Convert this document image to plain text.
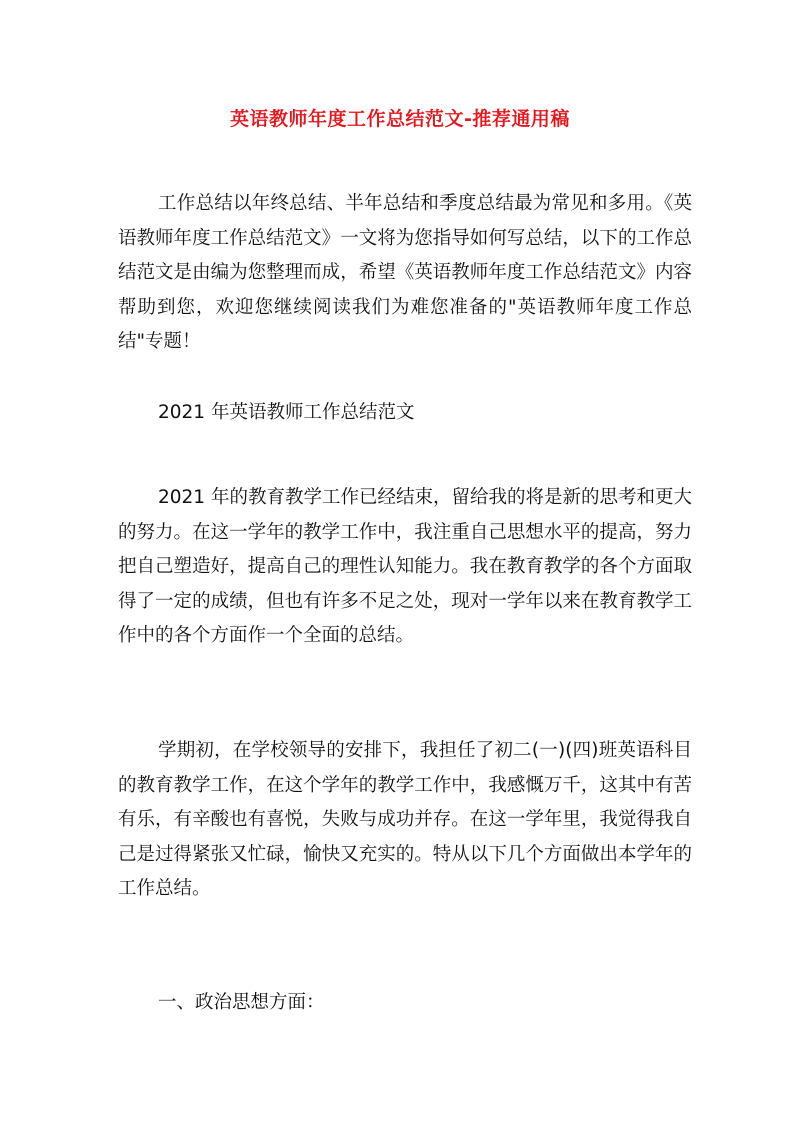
英语教师年度工作总结范文-推荐通用稿

工作总结以年终总结、半年总结和季度总结最为常见和多用。《英语教师年度工作总结范文》一文将为您指导如何写总结，以下的工作总结范文是由编为您整理而成，希望《英语教师年度工作总结范文》内容帮助到您，欢迎您继续阅读我们为难您准备的"英语教师年度工作总结"专题！

2021 年英语教师工作总结范文

2021 年的教育教学工作已经结束，留给我的将是新的思考和更大的努力。在这一学年的教学工作中，我注重自己思想水平的提高，努力把自己塑造好，提高自己的理性认知能力。我在教育教学的各个方面取得了一定的成绩，但也有许多不足之处，现对一学年以来在教育教学工作中的各个方面作一个全面的总结。

学期初，在学校领导的安排下，我担任了初二(一)(四)班英语科目的教育教学工作，在这个学年的教学工作中，我感慨万千，这其中有苦有乐，有辛酸也有喜悦，失败与成功并存。在这一学年里，我觉得我自己是过得紧张又忙碌，愉快又充实的。特从以下几个方面做出本学年的工作总结。

一、政治思想方面：
